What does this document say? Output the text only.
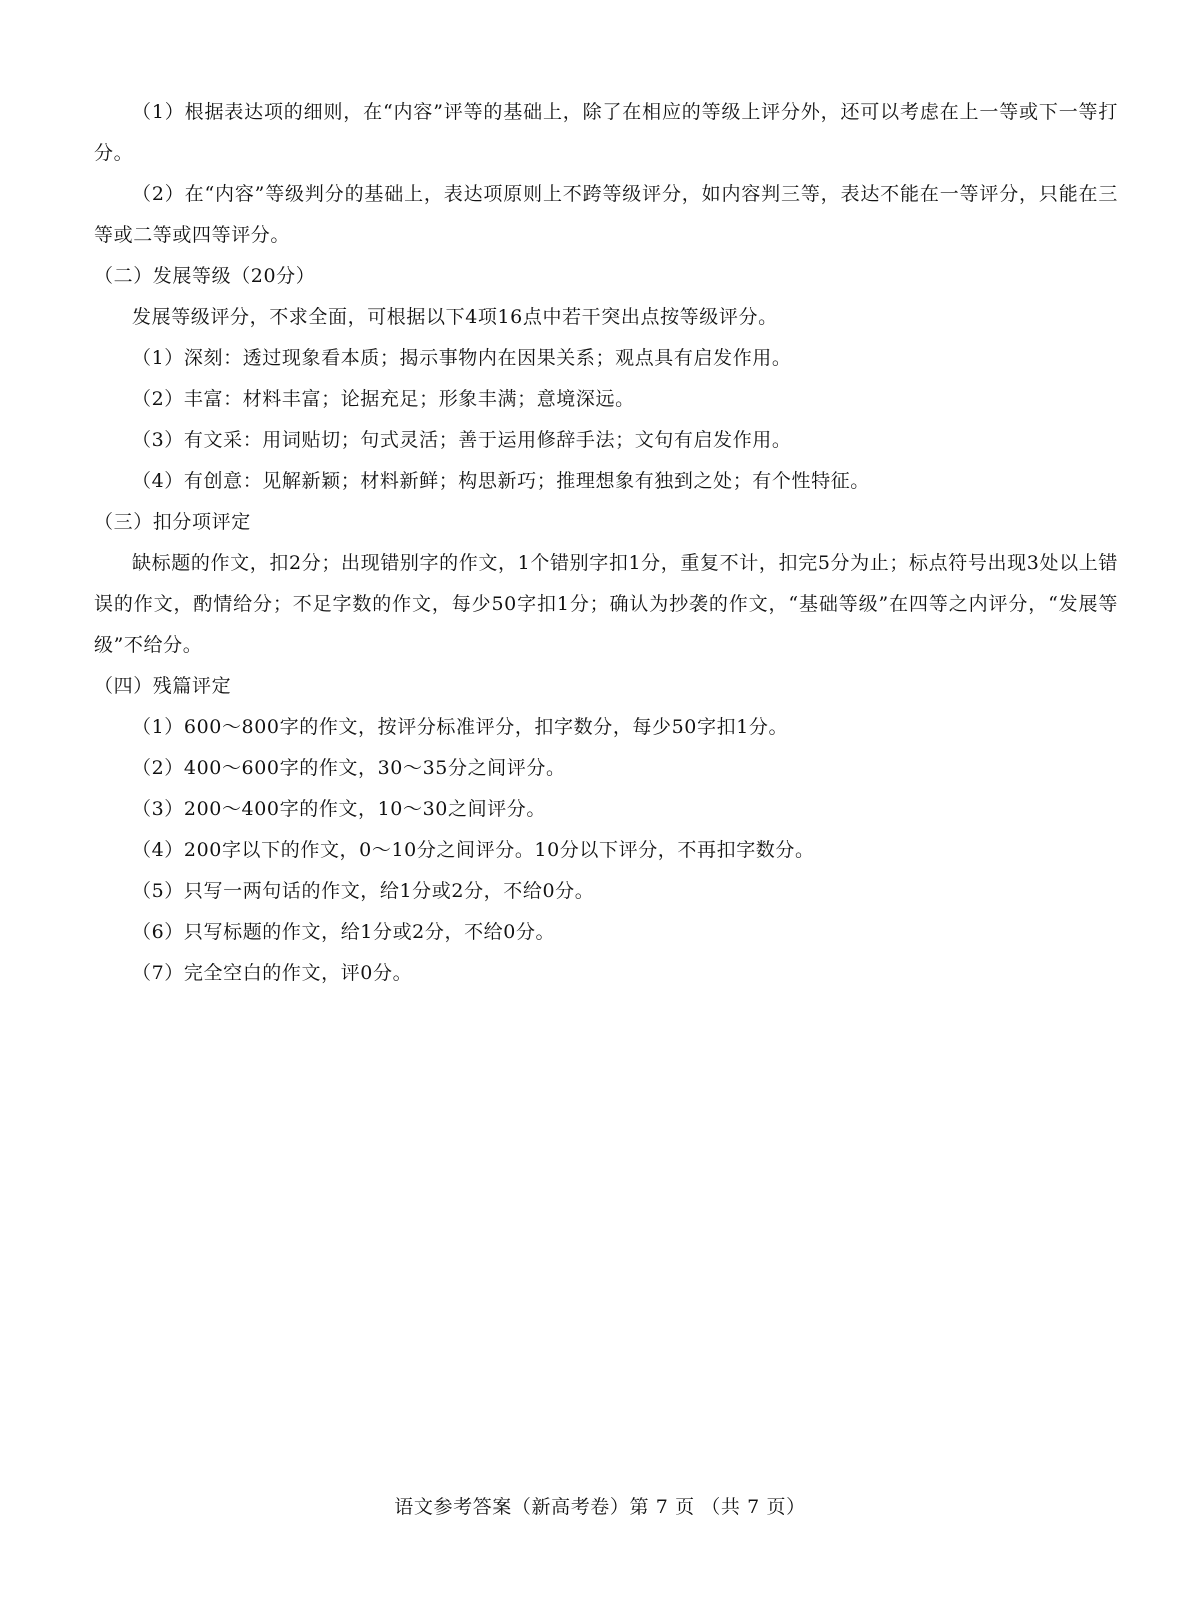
（1）根据表达项的细则，在“内容”评等的基础上，除了在相应的等级上评分外，还可以考虑在上一等或下一等打分。

（2）在“内容”等级判分的基础上，表达项原则上不跨等级评分，如内容判三等，表达不能在一等评分，只能在三等或二等或四等评分。

（二）发展等级（20分）

发展等级评分，不求全面，可根据以下4项16点中若干突出点按等级评分。

（1）深刻：透过现象看本质；揭示事物内在因果关系；观点具有启发作用。

（2）丰富：材料丰富；论据充足；形象丰满；意境深远。

（3）有文采：用词贴切；句式灵活；善于运用修辞手法；文句有启发作用。

（4）有创意：见解新颖；材料新鲜；构思新巧；推理想象有独到之处；有个性特征。

（三）扣分项评定

缺标题的作文，扣2分；出现错别字的作文，1个错别字扣1分，重复不计，扣完5分为止；标点符号出现3处以上错误的作文，酌情给分；不足字数的作文，每少50字扣1分；确认为抄袭的作文，“基础等级”在四等之内评分，“发展等级”不给分。

（四）残篇评定

（1）600～800字的作文，按评分标准评分，扣字数分，每少50字扣1分。

（2）400～600字的作文，30～35分之间评分。

（3）200～400字的作文，10～30之间评分。

（4）200字以下的作文，0～10分之间评分。10分以下评分，不再扣字数分。

（5）只写一两句话的作文，给1分或2分，不给0分。

（6）只写标题的作文，给1分或2分，不给0分。

（7）完全空白的作文，评0分。

语文参考答案（新高考卷）第 7 页 （共 7 页）
